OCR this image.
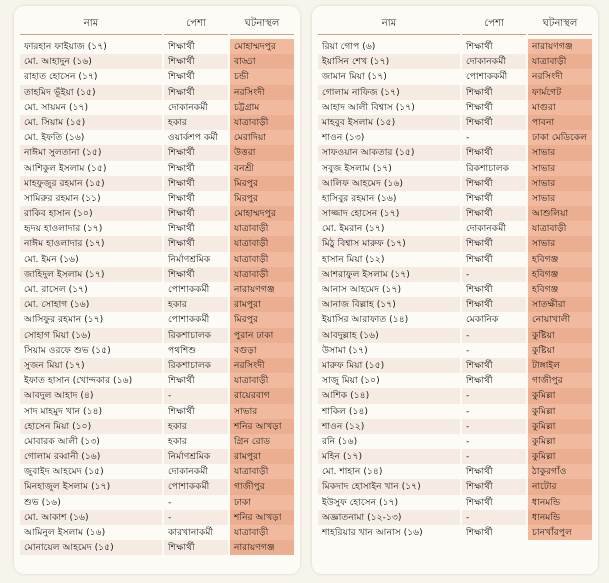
নাম	পেশা	ঘটনাস্থল
ফারহান ফাইয়াজ (১৭)	শিক্ষার্থী	মোহাম্মদপুর
মো. আহাদুন (১৬)	শিক্ষার্থী	বাড্ডা
রাহাত হোসেন (১৭)	শিক্ষার্থী	চন্ডী
তাহমিদ ভূঁইয়া (১৫)	শিক্ষার্থী	নরসিংদী
মো. সায়মন (১৭)	দোকানকর্মী	চট্টগ্রাম
মো. সিয়াম (১৫)	হকার	যাত্রাবাড়ী
মো. ইফতি (১৬)	ওয়ার্কশপ কর্মী	মেরাদিয়া
নাঈমা সুলতানা (১৫)	শিক্ষার্থী	উত্তরা
আশিকুল ইসলাম (১৫)	শিক্ষার্থী	বনশ্রী
মাহফুজুর রহমান (১৫)	শিক্ষার্থী	মিরপুর
সামিরুর রহমান (১১)	শিক্ষার্থী	মিরপুর
রাকিব হাসান (১০)	শিক্ষার্থী	মোহাম্মদপুর
হৃদয় হাওলাদার (১৭)	শিক্ষার্থী	যাত্রাবাড়ী
নাঈম হাওলাদার (১৭)	শিক্ষার্থী	যাত্রাবাড়ী
মো. ইমন (১৬)	নির্মাণশ্রমিক	যাত্রাবাড়ী
জাহিদুল ইসলাম (১৭)	শিক্ষার্থী	যাত্রাবাড়ী
মো. রাসেল (১৭)	পোশাককর্মী	নারায়ণগঞ্জ
মো. সোহাগ (১৬)	হকার	রামপুরা
আসিফুর রহমান (১৭)	পোশাককর্মী	মিরপুর
সোহাগ মিয়া (১৬)	রিকশাচালক	পুরান ঢাকা
সিয়াম ওরফে শুভ (১৫)	পথশিশু	বগুড়া
সুজন মিয়া (১৭)	রিকশাচালক	নরসিংদী
ইফাত হাসান (খোন্দকার (১৬)	শিক্ষার্থী	যাত্রাবাড়ী
আবদুল আহাদ (৪)	-	রায়েরবাগ
সাদ মাহমুদ খান (১৪)	শিক্ষার্থী	সাভার
হোসেন মিয়া (১০)	হকার	শনির আখড়া
মোবারক আলী (১৩)	হকার	গ্রিন রোড
গোলাম রব্বানী (১৬)	নির্মাণশ্রমিক	রামপুরা
জুবাইদ আহমেদ (১৫)	দোকানকর্মী	যাত্রাবাড়ী
মিনহাজুল ইসলাম (১৭)	পোশাককর্মী	গাজীপুর
শুভ (১৬)	-	ঢাকা
মো. আকাশ (১৬)	-	শনির আখড়া
আমিনুল ইসলাম (১৬)	কারখানাকর্মী	যাত্রাবাড়ী
মোনায়েল আহমেদ (১৫)	শিক্ষার্থী	নারায়ণগঞ্জ
নাম	পেশা	ঘটনাস্থল
রিয়া গোপ (৬)	শিক্ষার্থী	নারায়ণগঞ্জ
ইয়াসিন শেখ (১৭)	দোকানকর্মী	যাত্রাবাড়ী
জামান মিয়া (১৭)	পোশাককর্মী	নরসিংদী
গোলাম নাফিজ (১৭)	শিক্ষার্থী	ফার্মগেট
আহাদ আলী বিশ্বাস (১৭)	শিক্ষার্থী	মাগুরা
মাহবুব ইসলাম (১৫)	শিক্ষার্থী	পাবনা
শাওন (১৩)	-	ঢাকা মেডিকেল
সাফওয়ান আকতার (১৫)	শিক্ষার্থী	সাভার
সবুজ ইসলাম (১৭)	রিকশাচালক	সাভার
আলিফ আহমেদ (১৬)	শিক্ষার্থী	সাভার
হাসিবুর রহমান (১৬)	শিক্ষার্থী	সাভার
সাজ্জাদ হোসেন (১৭)	শিক্ষার্থী	আশুলিয়া
মো. ইমরান (১৭)	দোকানকর্মী	যাত্রাবাড়ী
মিঠু বিশ্বাস মারুফ (১৭)	শিক্ষার্থী	সাভার
হাসান মিয়া (১২)	শিক্ষার্থী	হবিগঞ্জ
আশরাফুল ইসলাম (১৭)	-	হবিগঞ্জ
আনাস আহমেদ (১৭)	শিক্ষার্থী	হবিগঞ্জ
আনাজ বিল্লাহ (১৭)	শিক্ষার্থী	সাতক্ষীরা
ইয়াসির আরাফাত (১৪)	মেকানিক	নোয়াখালী
আবদুল্লাহ (১৬)	-	কুষ্টিয়া
উসামা (১৭)	-	কুষ্টিয়া
মারুফ মিয়া (১৫)	শিক্ষার্থী	টাঙ্গাইল
সাজু মিয়া (১০)	শিক্ষার্থী	গাজীপুর
আশিক (১৪)	-	কুমিল্লা
শাকিল (১৪)	-	কুমিল্লা
শাওন (১২)	-	কুমিল্লা
রনি (১৬)	-	কুমিল্লা
মহিন (১৭)	-	কুমিল্লা
মো. শাহান (১৪)	শিক্ষার্থী	ঠাকুরগাঁও
মিকদাদ হোসাইন খান (১৭)	শিক্ষার্থী	নাটোর
ইউসুফ হোসেন (১৭)	শিক্ষার্থী	ধানমন্ডি
অজ্ঞাতনামা (১২-১৩)	-	ধানমন্ডি
শাহরিয়ার খান আনাস (১৬)	শিক্ষার্থী	চানখাঁরপুল
